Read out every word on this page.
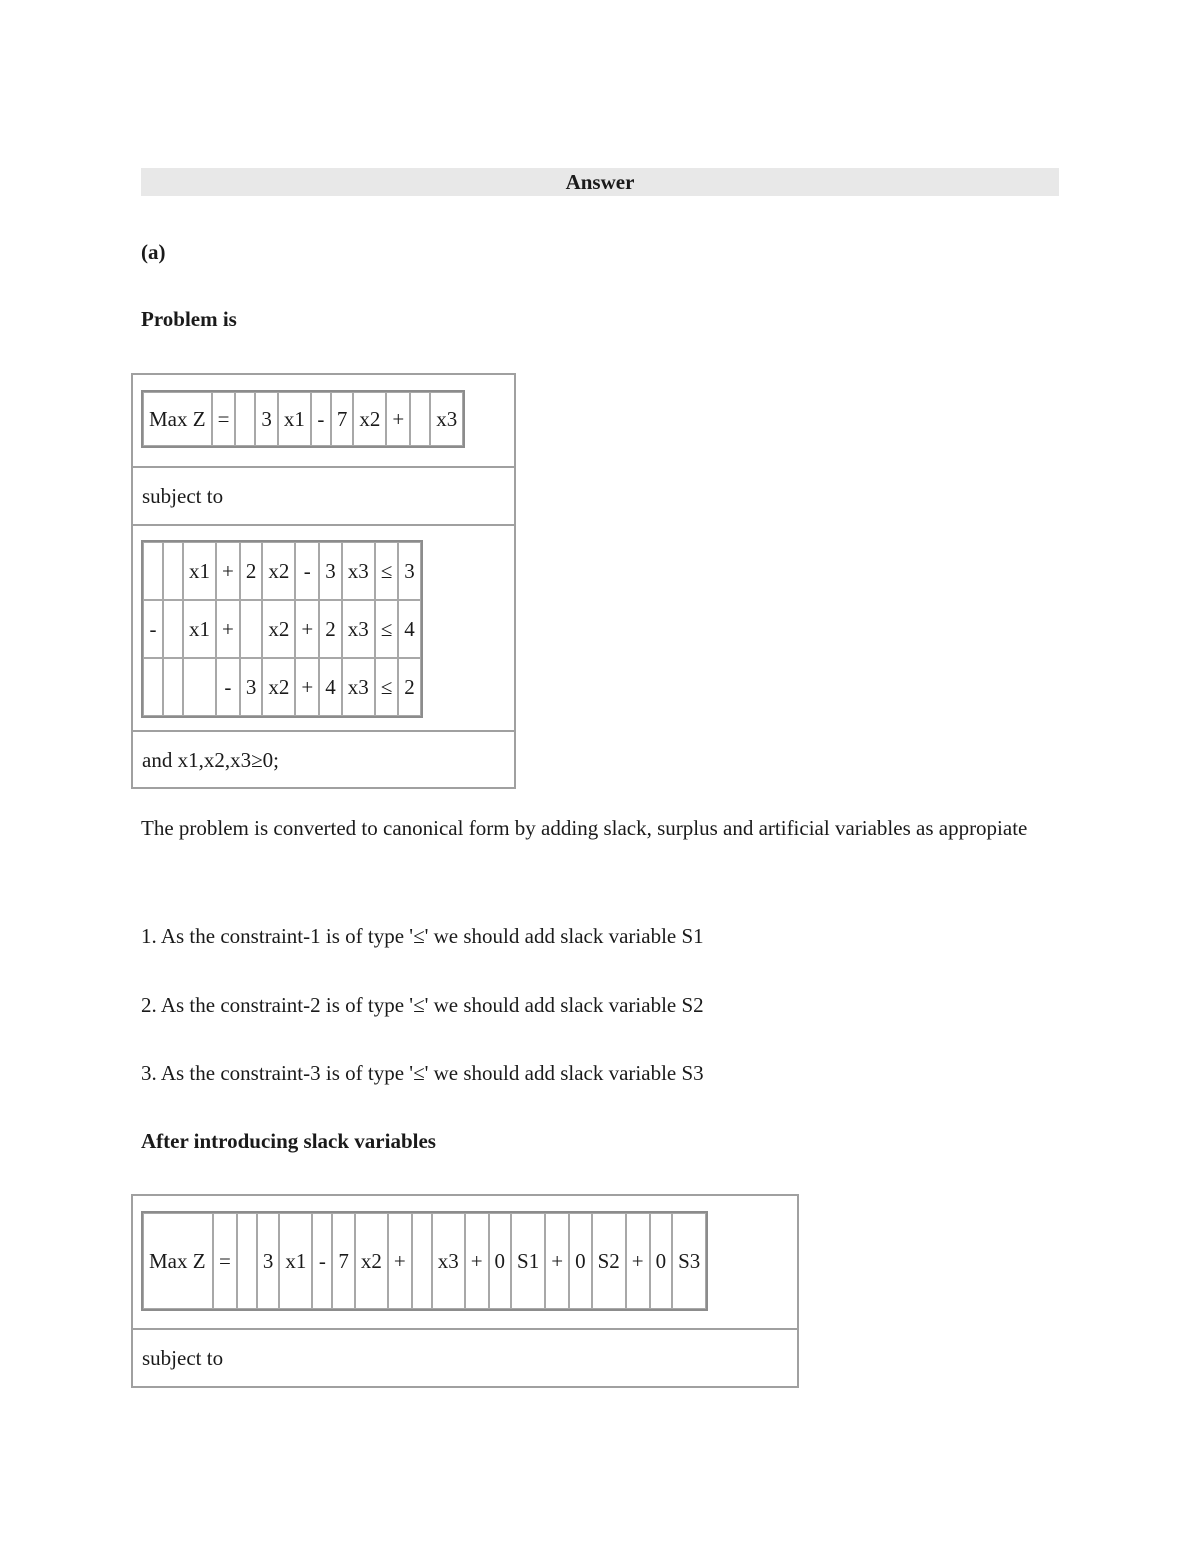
Answer
(a)
Problem is
Max Z	=		3	x1	-	7	x2	+		x3
subject to
		x1	+	2	x2	-	3	x3	≤	3
-		x1	+		x2	+	2	x3	≤	4
			-	3	x2	+	4	x3	≤	2
and x1,x2,x3≥0;
The problem is converted to canonical form by adding slack, surplus and artificial variables as appropiate
1. As the constraint-1 is of type '≤' we should add slack variable S1
2. As the constraint-2 is of type '≤' we should add slack variable S2
3. As the constraint-3 is of type '≤' we should add slack variable S3
After introducing slack variables
Max Z	=		3	x1	-	7	x2	+		x3	+	0	S1	+	0	S2	+	0	S3
subject to
